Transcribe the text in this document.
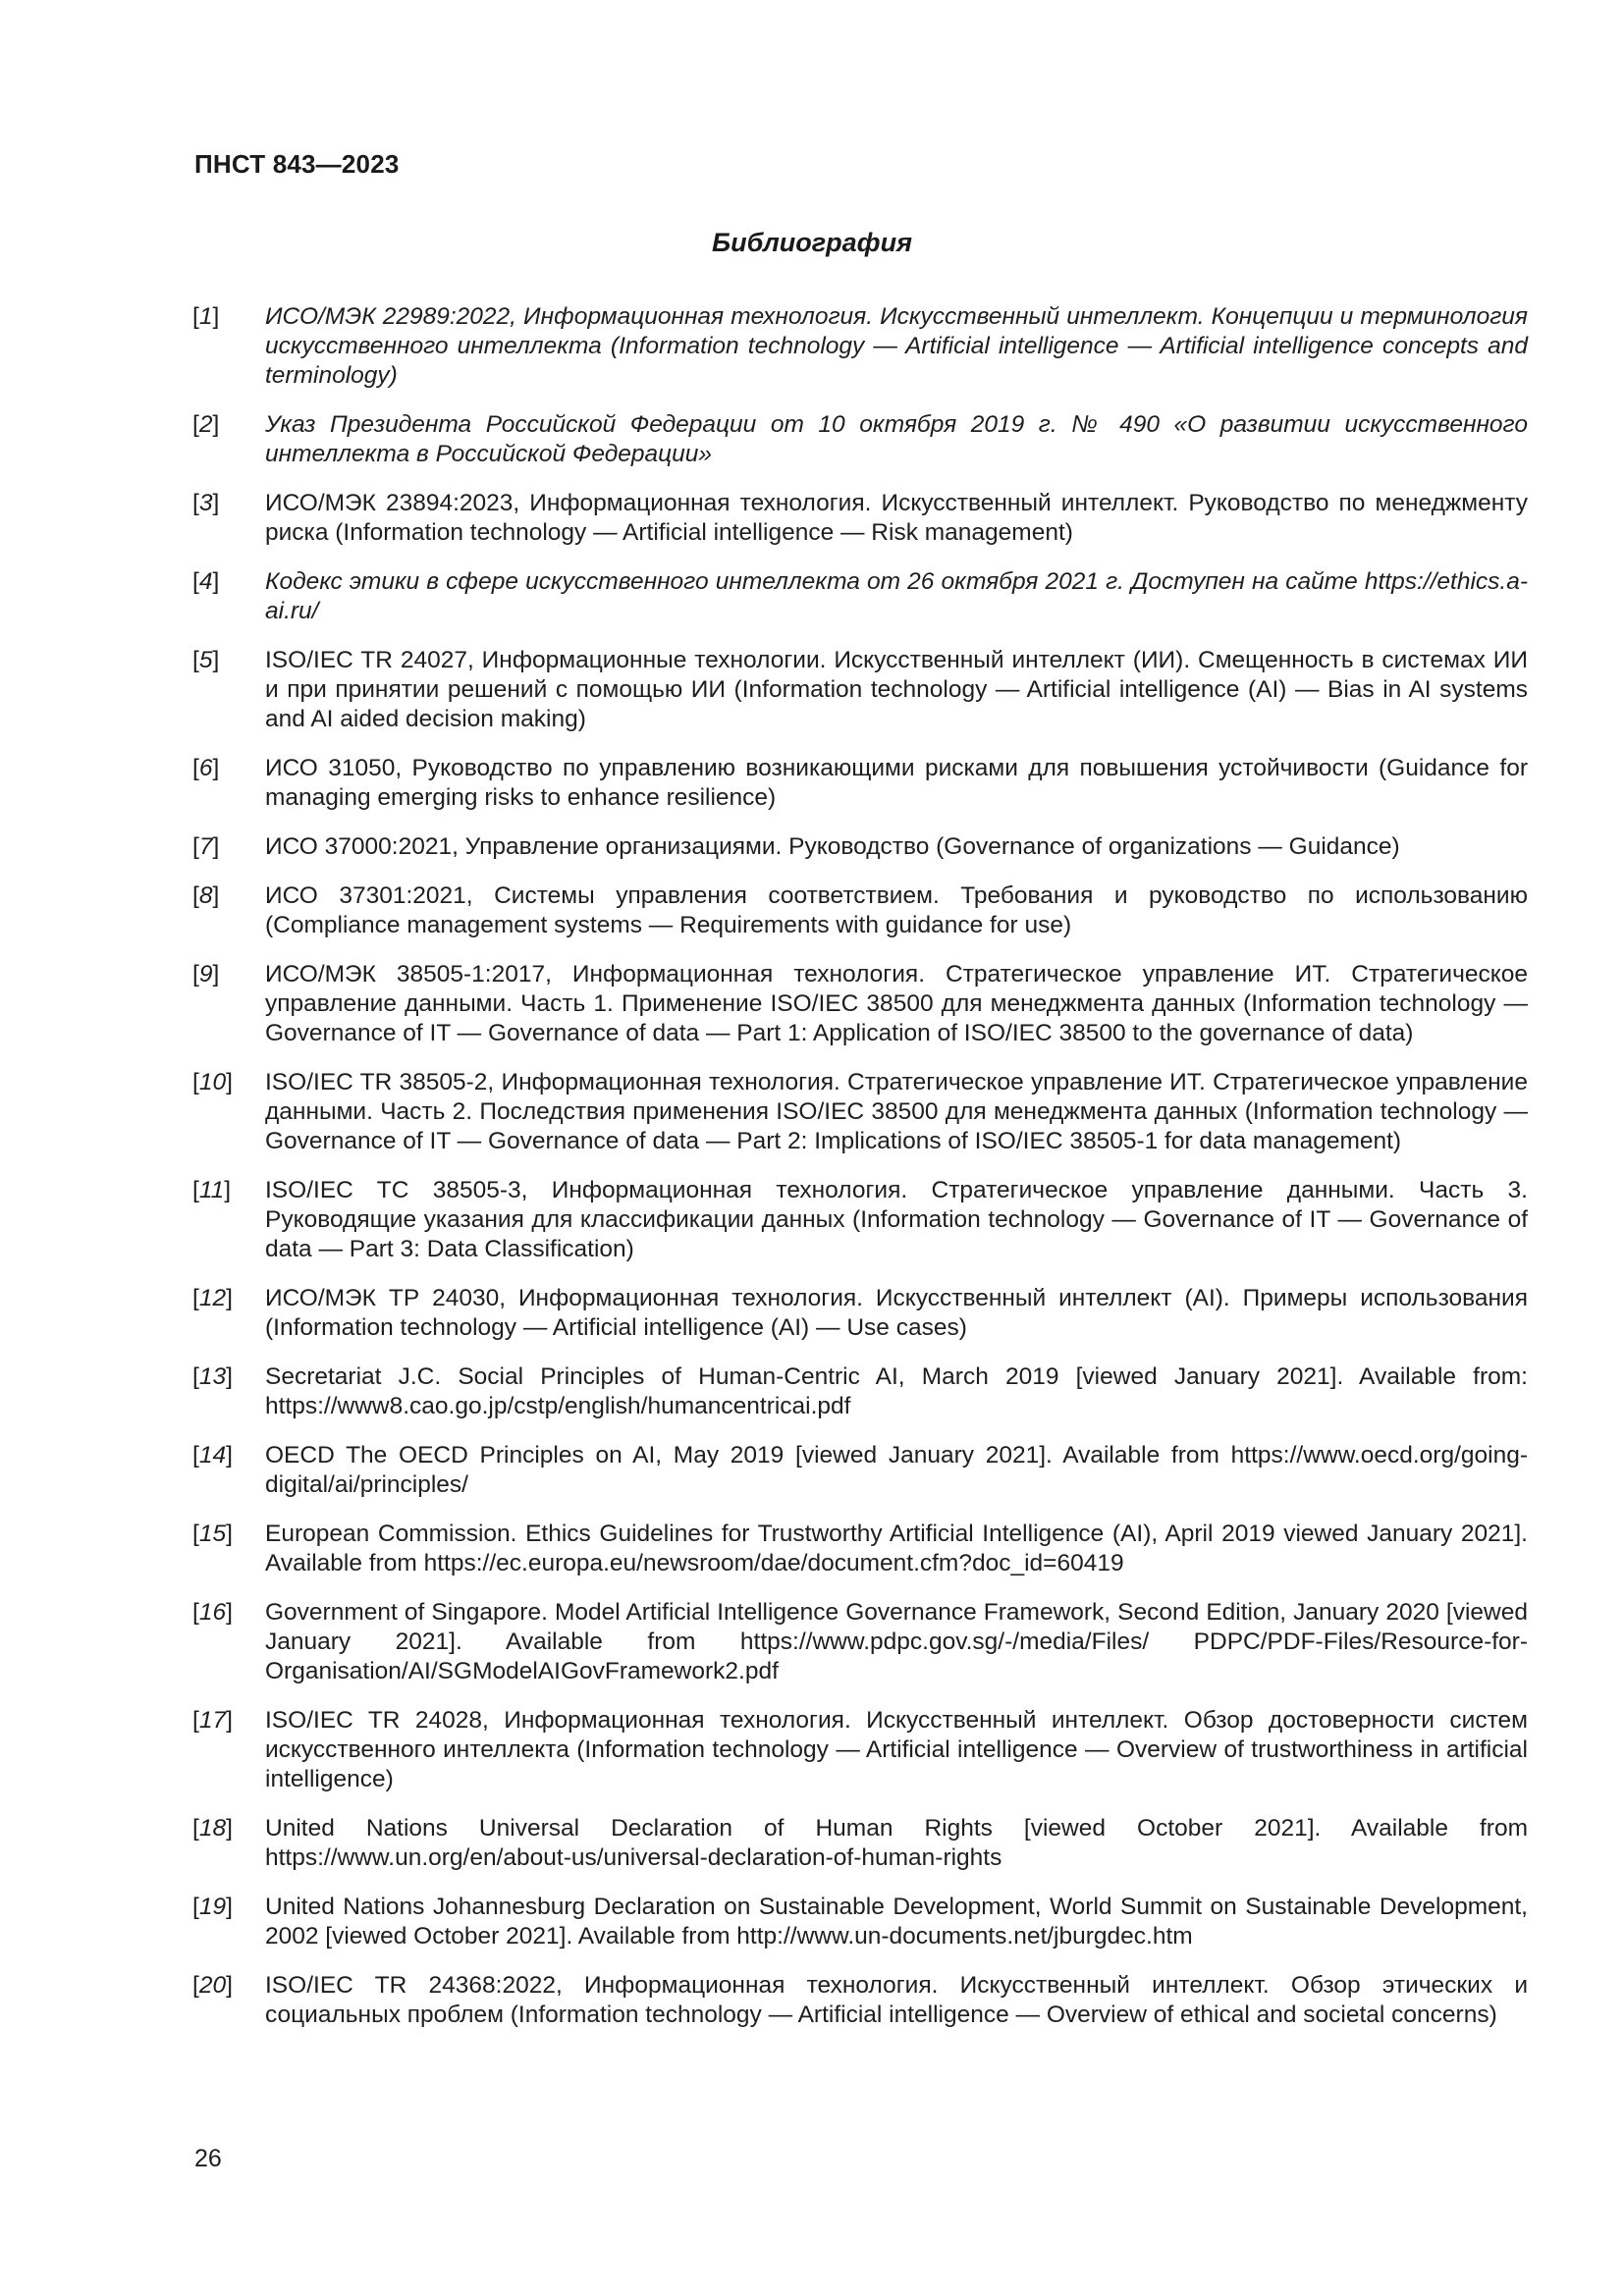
ПНСТ 843—2023
Библиография
[1]	ИСО/МЭК 22989:2022, Информационная технология. Искусственный интеллект. Концепции и терминология искусственного интеллекта (Information technology — Artificial intelligence — Artificial intelligence concepts and terminology)
[2]	Указ Президента Российской Федерации от 10 октября 2019 г. № 490 «О развитии искусственного интеллекта в Российской Федерации»
[3]	ИСО/МЭК 23894:2023, Информационная технология. Искусственный интеллект. Руководство по менеджменту риска (Information technology — Artificial intelligence — Risk management)
[4]	Кодекс этики в сфере искусственного интеллекта от 26 октября 2021 г. Доступен на сайте https://ethics.a-ai.ru/
[5]	ISO/IEC TR 24027, Информационные технологии. Искусственный интеллект (ИИ). Смещенность в системах ИИ и при принятии решений с помощью ИИ (Information technology — Artificial intelligence (AI) — Bias in AI systems and AI aided decision making)
[6]	ИСО 31050, Руководство по управлению возникающими рисками для повышения устойчивости (Guidance for managing emerging risks to enhance resilience)
[7]	ИСО 37000:2021, Управление организациями. Руководство (Governance of organizations — Guidance)
[8]	ИСО 37301:2021, Системы управления соответствием. Требования и руководство по использованию (Compliance management systems — Requirements with guidance for use)
[9]	ИСО/МЭК 38505-1:2017, Информационная технология. Стратегическое управление ИТ. Стратегическое управление данными. Часть 1. Применение ISO/IEC 38500 для менеджмента данных (Information technology — Governance of IT — Governance of data — Part 1: Application of ISO/IEC 38500 to the governance of data)
[10]	ISO/IEC TR 38505-2, Информационная технология. Стратегическое управление ИТ. Стратегическое управление данными. Часть 2. Последствия применения ISO/IEC 38500 для менеджмента данных (Information technology — Governance of IT — Governance of data — Part 2: Implications of ISO/IEC 38505-1 for data management)
[11]	ISO/IEC TC 38505-3, Информационная технология. Стратегическое управление данными. Часть 3. Руководящие указания для классификации данных (Information technology — Governance of IT — Governance of data — Part 3: Data Classification)
[12]	ИСО/МЭК ТР 24030, Информационная технология. Искусственный интеллект (AI). Примеры использования (Information technology — Artificial intelligence (AI) — Use cases)
[13]	Secretariat J.C. Social Principles of Human-Centric AI, March 2019 [viewed January 2021]. Available from: https://www8.cao.go.jp/cstp/english/humancentricai.pdf
[14]	OECD The OECD Principles on AI, May 2019 [viewed January 2021]. Available from https://www.oecd.org/going-digital/ai/principles/
[15]	European Commission. Ethics Guidelines for Trustworthy Artificial Intelligence (AI), April 2019 viewed January 2021]. Available from https://ec.europa.eu/newsroom/dae/document.cfm?doc_id=60419
[16]	Government of Singapore. Model Artificial Intelligence Governance Framework, Second Edition, January 2020 [viewed January 2021]. Available from https://www.pdpc.gov.sg/-/media/Files/ PDPC/PDF-Files/Resource-for-Organisation/AI/SGModelAIGovFramework2.pdf
[17]	ISO/IEC TR 24028, Информационная технология. Искусственный интеллект. Обзор достоверности систем искусственного интеллекта (Information technology — Artificial intelligence — Overview of trustworthiness in artificial intelligence)
[18]	United Nations Universal Declaration of Human Rights [viewed October 2021]. Available from https://www.un.org/en/about-us/universal-declaration-of-human-rights
[19]	United Nations Johannesburg Declaration on Sustainable Development, World Summit on Sustainable Development, 2002 [viewed October 2021]. Available from http://www.un-documents.net/jburgdec.htm
[20]	ISO/IEC TR 24368:2022, Информационная технология. Искусственный интеллект. Обзор этических и социальных проблем (Information technology — Artificial intelligence — Overview of ethical and societal concerns)
26
